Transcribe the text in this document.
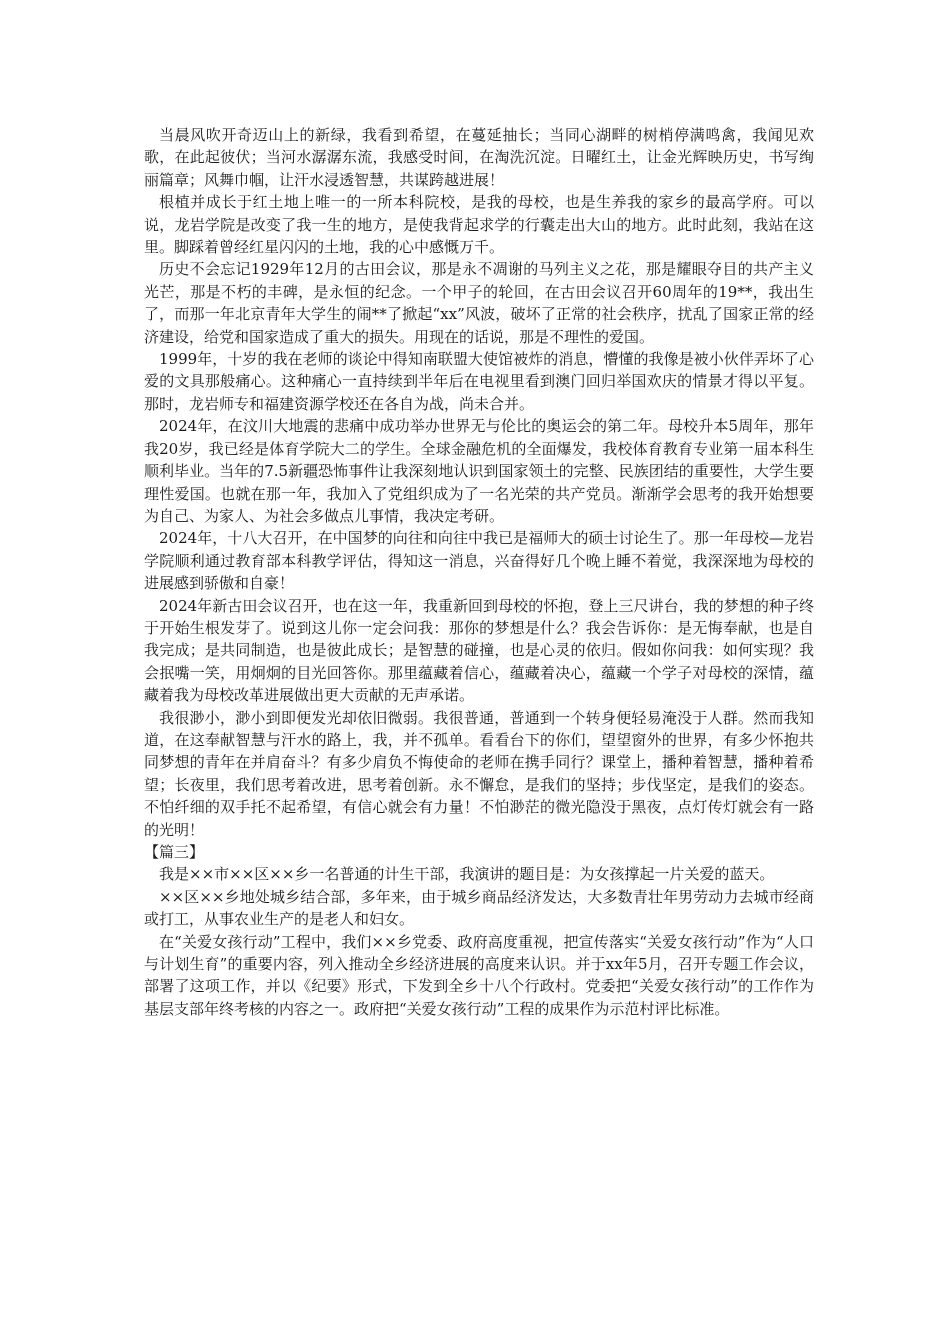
当晨风吹开奇迈山上的新绿，我看到希望，在蔓延抽长；当同心湖畔的树梢停满鸣禽，我闻见欢歌，在此起彼伏；当河水潺潺东流，我感受时间，在淘洗沉淀。日曜红土，让金光辉映历史，书写绚丽篇章；风舞巾帼，让汗水浸透智慧，共谋跨越进展！

根植并成长于红土地上唯一的一所本科院校，是我的母校，也是生养我的家乡的最高学府。可以说，龙岩学院是改变了我一生的地方，是使我背起求学的行囊走出大山的地方。此时此刻，我站在这里。脚踩着曾经红星闪闪的土地，我的心中感慨万千。

历史不会忘记1929年12月的古田会议，那是永不凋谢的马列主义之花，那是耀眼夺目的共产主义光芒，那是不朽的丰碑，是永恒的纪念。一个甲子的轮回，在古田会议召开60周年的19**，我出生了，而那一年北京青年大学生的闹**了掀起“xx”风波，破坏了正常的社会秩序，扰乱了国家正常的经济建设，给党和国家造成了重大的损失。用现在的话说，那是不理性的爱国。

1999年，十岁的我在老师的谈论中得知南联盟大使馆被炸的消息，懵懂的我像是被小伙伴弄坏了心爱的文具那般痛心。这种痛心一直持续到半年后在电视里看到澳门回归举国欢庆的情景才得以平复。那时，龙岩师专和福建资源学校还在各自为战，尚未合并。

2024年，在汶川大地震的悲痛中成功举办世界无与伦比的奥运会的第二年。母校升本5周年，那年我20岁，我已经是体育学院大二的学生。全球金融危机的全面爆发，我校体育教育专业第一届本科生顺利毕业。当年的7.5新疆恐怖事件让我深刻地认识到国家领土的完整、民族团结的重要性，大学生要理性爱国。也就在那一年，我加入了党组织成为了一名光荣的共产党员。渐渐学会思考的我开始想要为自己、为家人、为社会多做点儿事情，我决定考研。

2024年，十八大召开，在中国梦的向往和向往中我已是福师大的硕士讨论生了。那一年母校—龙岩学院顺利通过教育部本科教学评估，得知这一消息，兴奋得好几个晚上睡不着觉，我深深地为母校的进展感到骄傲和自豪！

2024年新古田会议召开，也在这一年，我重新回到母校的怀抱，登上三尺讲台，我的梦想的种子终于开始生根发芽了。说到这儿你一定会问我：那你的梦想是什么？我会告诉你：是无悔奉献，也是自我完成；是共同制造，也是彼此成长；是智慧的碰撞，也是心灵的依归。假如你问我：如何实现？我会抿嘴一笑，用炯炯的目光回答你。那里蕴藏着信心，蕴藏着决心，蕴藏一个学子对母校的深情，蕴藏着我为母校改革进展做出更大贡献的无声承诺。

我很渺小，渺小到即便发光却依旧微弱。我很普通，普通到一个转身便轻易淹没于人群。然而我知道，在这奉献智慧与汗水的路上，我，并不孤单。看看台下的你们，望望窗外的世界，有多少怀抱共同梦想的青年在并肩奋斗？有多少肩负不悔使命的老师在携手同行？课堂上，播种着智慧，播种着希望；长夜里，我们思考着改进，思考着创新。永不懈怠，是我们的坚持；步伐坚定，是我们的姿态。不怕纤细的双手托不起希望，有信心就会有力量！不怕渺茫的微光隐没于黑夜，点灯传灯就会有一路的光明！

【篇三】

我是××市××区××乡一名普通的计生干部，我演讲的题目是：为女孩撑起一片关爱的蓝天。

××区××乡地处城乡结合部，多年来，由于城乡商品经济发达，大多数青壮年男劳动力去城市经商或打工，从事农业生产的是老人和妇女。

在“关爱女孩行动”工程中，我们××乡党委、政府高度重视，把宣传落实“关爱女孩行动”作为“人口与计划生育”的重要内容，列入推动全乡经济进展的高度来认识。并于xx年5月，召开专题工作会议，部署了这项工作，并以《纪要》形式，下发到全乡十八个行政村。党委把“关爱女孩行动”的工作作为基层支部年终考核的内容之一。政府把“关爱女孩行动”工程的成果作为示范村评比标准。
